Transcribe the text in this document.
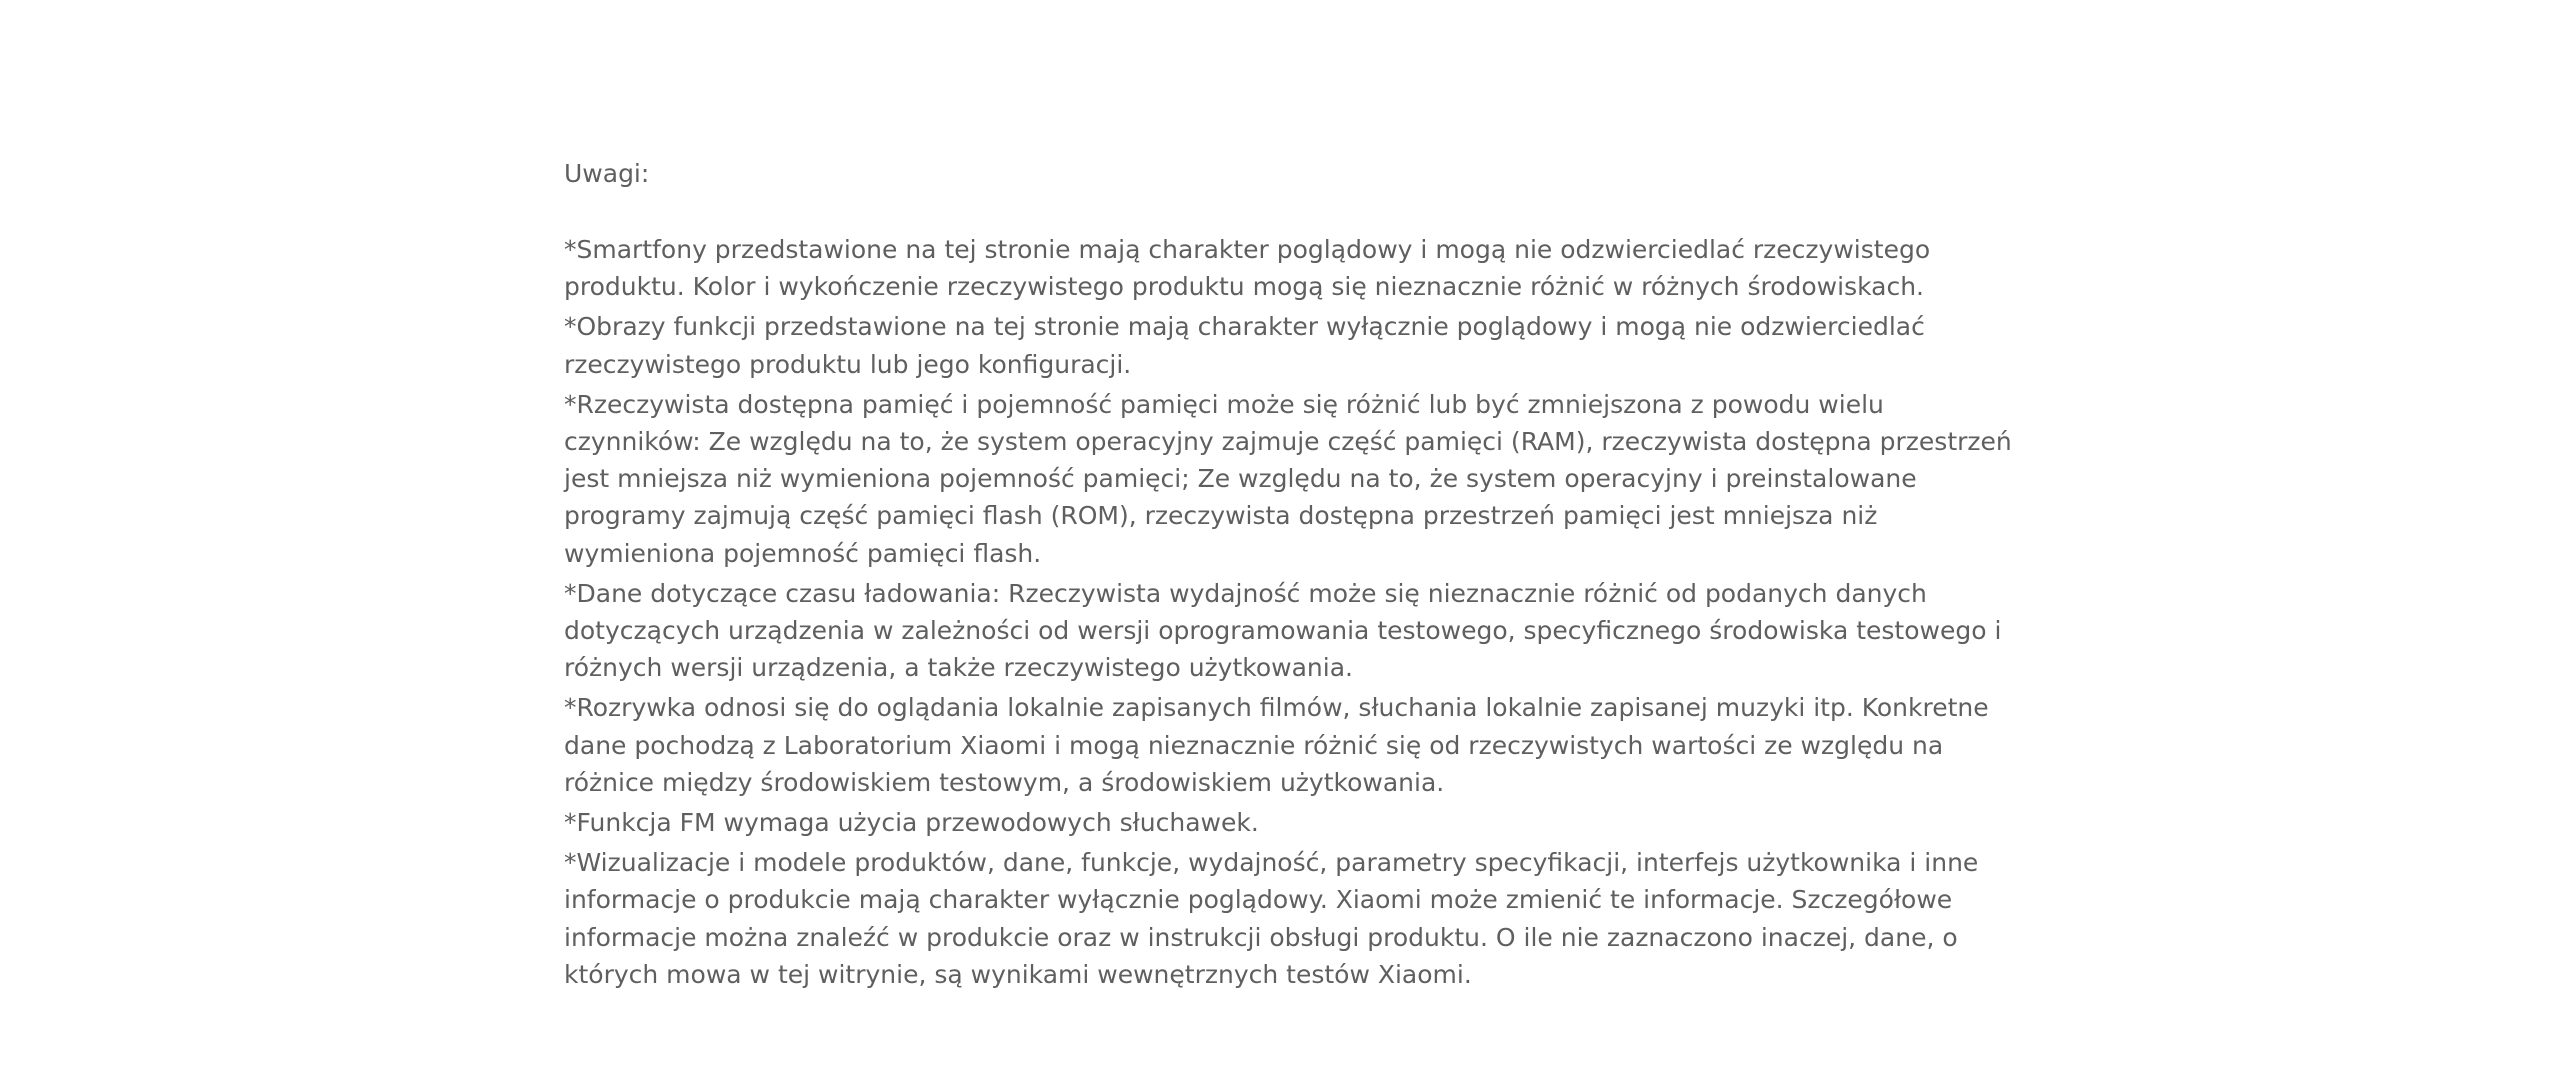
Uwagi:

*Smartfony przedstawione na tej stronie mają charakter poglądowy i mogą nie odzwierciedlać rzeczywistego produktu. Kolor i wykończenie rzeczywistego produktu mogą się nieznacznie różnić w różnych środowiskach.

*Obrazy funkcji przedstawione na tej stronie mają charakter wyłącznie poglądowy i mogą nie odzwierciedlać rzeczywistego produktu lub jego konfiguracji.

*Rzeczywista dostępna pamięć i pojemność pamięci może się różnić lub być zmniejszona z powodu wielu czynników: Ze względu na to, że system operacyjny zajmuje część pamięci (RAM), rzeczywista dostępna przestrzeń jest mniejsza niż wymieniona pojemność pamięci; Ze względu na to, że system operacyjny i preinstalowane programy zajmują część pamięci flash (ROM), rzeczywista dostępna przestrzeń pamięci jest mniejsza niż wymieniona pojemność pamięci flash.

*Dane dotyczące czasu ładowania: Rzeczywista wydajność może się nieznacznie różnić od podanych danych dotyczących urządzenia w zależności od wersji oprogramowania testowego, specyficznego środowiska testowego i różnych wersji urządzenia, a także rzeczywistego użytkowania.

*Rozrywka odnosi się do oglądania lokalnie zapisanych filmów, słuchania lokalnie zapisanej muzyki itp. Konkretne dane pochodzą z Laboratorium Xiaomi i mogą nieznacznie różnić się od rzeczywistych wartości ze względu na różnice między środowiskiem testowym, a środowiskiem użytkowania.

*Funkcja FM wymaga użycia przewodowych słuchawek.

*Wizualizacje i modele produktów, dane, funkcje, wydajność, parametry specyfikacji, interfejs użytkownika i inne informacje o produkcie mają charakter wyłącznie poglądowy. Xiaomi może zmienić te informacje. Szczegółowe informacje można znaleźć w produkcie oraz w instrukcji obsługi produktu. O ile nie zaznaczono inaczej, dane, o których mowa w tej witrynie, są wynikami wewnętrznych testów Xiaomi.
